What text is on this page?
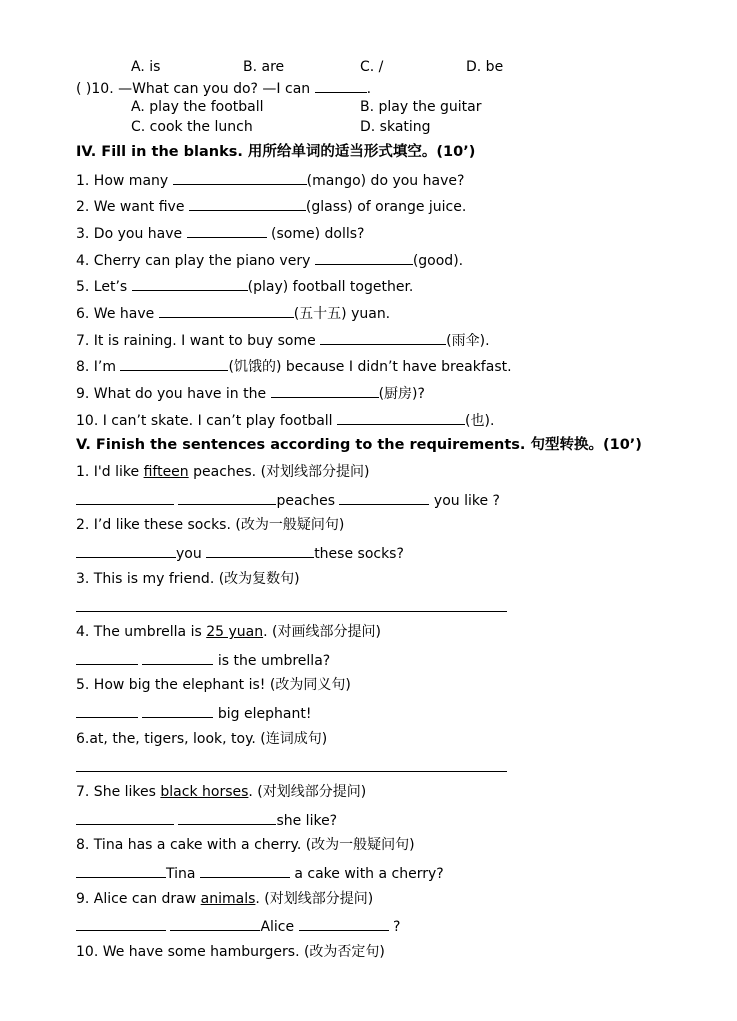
A. is	B. are	C. /	D. be
( )10. —What can you do? —I can	.
A. play the football	B. play the guitar
C. cook the lunch	D. skating
IV. Fill in the blanks. 用所给单词的适当形式填空。(10’)
1. How many	(mango) do you have?
2. We want five	(glass) of orange juice.
3. Do you have	(some) dolls?
4. Cherry can play the piano very	(good).
5. Let’s	(play) football together.
6. We have	(五十五) yuan.
7. It is raining. I want to buy some	(雨伞).
8. I’m	(饥饿的) because I didn’t have breakfast.
9. What do you have in the	(厨房)?
10. I can’t skate. I can’t play football	(也).
V. Finish the sentences according to the requirements. 句型转换。(10’)
1. I'd like fifteen peaches. (对划线部分提问)
peaches	you like ?
2. I’d like these socks. (改为一般疑问句)
you	these socks?
3. This is my friend. (改为复数句)
4. The umbrella is 25 yuan. (对画线部分提问)
is the umbrella?
5. How big the elephant is! (改为同义句)
big elephant!
6.at, the, tigers, look, toy. (连词成句)
7. She likes black horses. (对划线部分提问)
she like?
8. Tina has a cake with a cherry. (改为一般疑问句)
Tina	a cake with a cherry?
9. Alice can draw animals. (对划线部分提问)
Alice	?
10. We have some hamburgers. (改为否定句)
